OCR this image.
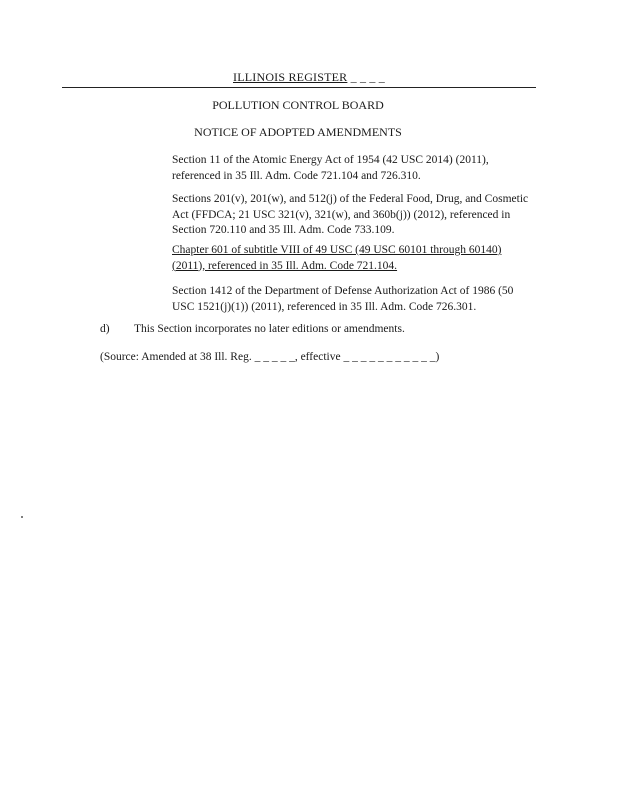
ILLINOIS REGISTER _ _ _ _
POLLUTION CONTROL BOARD
NOTICE OF ADOPTED AMENDMENTS
Section 11 of the Atomic Energy Act of 1954 (42 USC 2014) (2011), referenced in 35 Ill. Adm. Code 721.104 and 726.310.
Sections 201(v), 201(w), and 512(j) of the Federal Food, Drug, and Cosmetic Act (FFDCA; 21 USC 321(v), 321(w), and 360b(j)) (2012), referenced in Section 720.110 and 35 Ill. Adm. Code 733.109.
Chapter 601 of subtitle VIII of 49 USC (49 USC 60101 through 60140) (2011), referenced in 35 Ill. Adm. Code 721.104.
Section 1412 of the Department of Defense Authorization Act of 1986 (50 USC 1521(j)(1)) (2011), referenced in 35 Ill. Adm. Code 726.301.
d) This Section incorporates no later editions or amendments.
(Source: Amended at 38 Ill. Reg. _ _ _ _ _, effective _ _ _ _ _ _ _ _ _ _ _)
